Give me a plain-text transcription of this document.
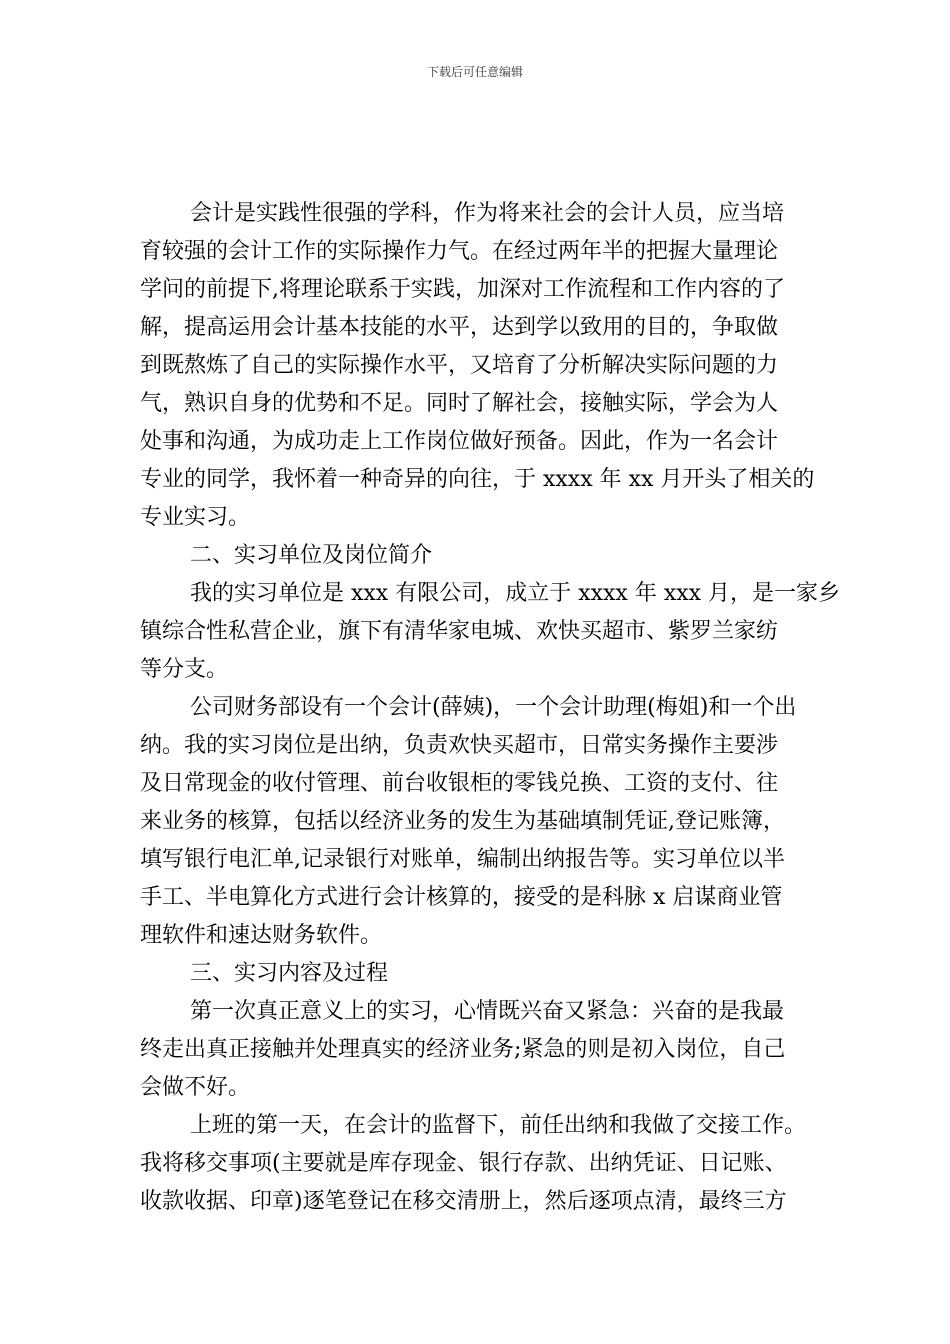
下载后可任意编辑
会计是实践性很强的学科，作为将来社会的会计人员，应当培
育较强的会计工作的实际操作力气。在经过两年半的把握大量理论
学问的前提下,将理论联系于实践，加深对工作流程和工作内容的了
解，提高运用会计基本技能的水平，达到学以致用的目的，争取做
到既熬炼了自己的实际操作水平，又培育了分析解决实际问题的力
气，熟识自身的优势和不足。同时了解社会，接触实际，学会为人
处事和沟通，为成功走上工作岗位做好预备。因此，作为一名会计
专业的同学，我怀着一种奇异的向往，于 xxxx 年 xx 月开头了相关的
专业实习。
二、实习单位及岗位简介
我的实习单位是 xxx 有限公司，成立于 xxxx 年 xxx 月，是一家乡
镇综合性私营企业，旗下有清华家电城、欢快买超市、紫罗兰家纺
等分支。
公司财务部设有一个会计(薛姨)，一个会计助理(梅姐)和一个出
纳。我的实习岗位是出纳，负责欢快买超市，日常实务操作主要涉
及日常现金的收付管理、前台收银柜的零钱兑换、工资的支付、往
来业务的核算，包括以经济业务的发生为基础填制凭证,登记账簿，
填写银行电汇单,记录银行对账单，编制出纳报告等。实习单位以半
手工、半电算化方式进行会计核算的，接受的是科脉 x 启谋商业管
理软件和速达财务软件。
三、实习内容及过程
第一次真正意义上的实习，心情既兴奋又紧急：兴奋的是我最
终走出真正接触并处理真实的经济业务;紧急的则是初入岗位，自己
会做不好。
上班的第一天，在会计的监督下，前任出纳和我做了交接工作。
我将移交事项(主要就是库存现金、银行存款、出纳凭证、日记账、
收款收据、印章)逐笔登记在移交清册上，然后逐项点清，最终三方
